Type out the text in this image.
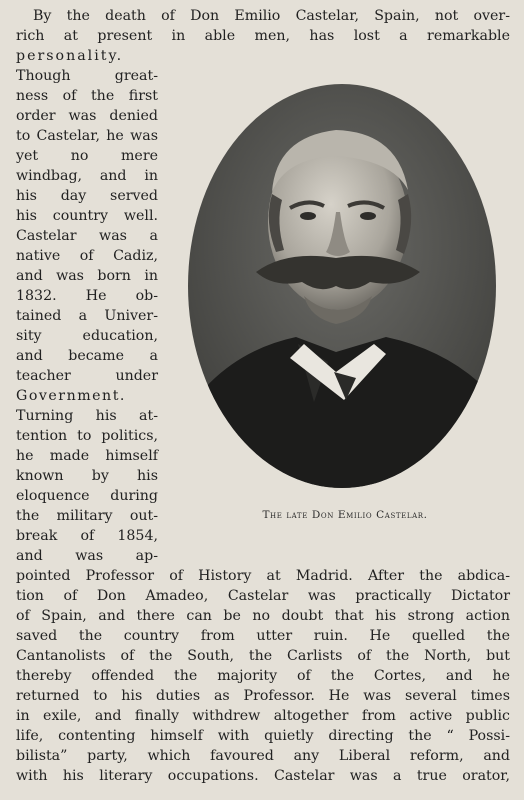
By the death of Don Emilio Castelar, Spain, not over-
rich at present in able men, has lost a remarkable
personality.
Though great-
ness of the first
order was denied
to Castelar, he was
yet no mere
windbag, and in
his day served
his country well.
Castelar was a
native of Cadiz,
and was born in
1832. He ob-
tained a Univer-
sity education,
and became a
teacher under
Government.
Turning his at-
tention to politics,
he made himself
known by his
eloquence during
the military out-
break of 1854,
and was ap-
pointed Professor of History at Madrid. After the abdica-
tion of Don Amadeo, Castelar was practically Dictator
of Spain, and there can be no doubt that his strong action
saved the country from utter ruin. He quelled the
Cantanolists of the South, the Carlists of the North, but
thereby offended the majority of the Cortes, and he
returned to his duties as Professor. He was several times
in exile, and finally withdrew altogether from active public
life, contenting himself with quietly directing the “ Possi-
bilista” party, which favoured any Liberal reform, and
with his literary occupations. Castelar was a true orator,
The late Don Emilio Castelar.
